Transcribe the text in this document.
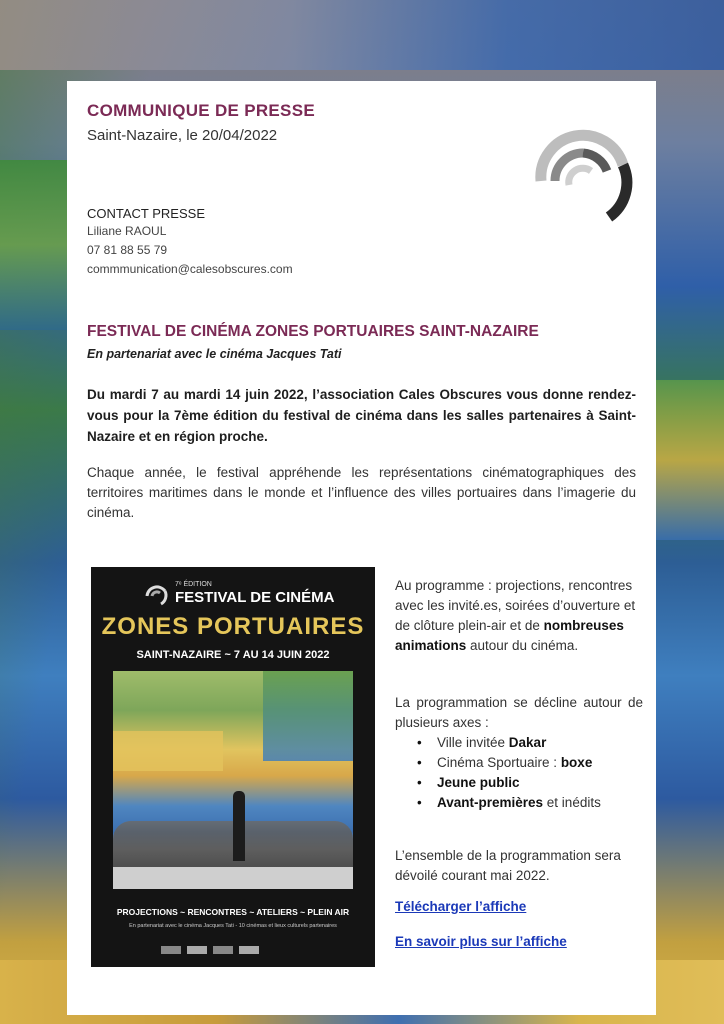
COMMUNIQUE DE PRESSE
Saint-Nazaire, le 20/04/2022
CONTACT PRESSE
Liliane RAOUL
07 81 88 55 79
commmunication@calesobscures.com
FESTIVAL DE CINÉMA ZONES PORTUAIRES SAINT-NAZAIRE
En partenariat avec le cinéma Jacques Tati
Du mardi 7 au mardi 14 juin 2022, l’association Cales Obscures vous donne rendez-vous pour la 7ème édition du festival de cinéma dans les salles partenaires à Saint-Nazaire et en région proche.
Chaque année, le festival appréhende les représentations cinématographiques des territoires maritimes dans le monde et l’influence des villes portuaires dans l’imagerie du cinéma.
7ᵉ ÉDITION
FESTIVAL DE CINÉMA
ZONES PORTUAIRES
SAINT-NAZAIRE ~ 7 AU 14 JUIN 2022
PROJECTIONS ~ RENCONTRES ~ ATELIERS ~ PLEIN AIR
En partenariat avec le cinéma Jacques Tati - 10 cinémas et lieux culturels partenaires
Au programme : projections, rencontres avec les invité.es, soirées d’ouverture et de clôture plein-air et de nombreuses animations autour du cinéma.
La programmation se décline autour de plusieurs axes :
• Ville invitée Dakar
• Cinéma Sportuaire : boxe
• Jeune public
• Avant-premières et inédits
L’ensemble de la programmation sera dévoilé courant mai 2022.
Télécharger l’affiche
En savoir plus sur l’affiche
